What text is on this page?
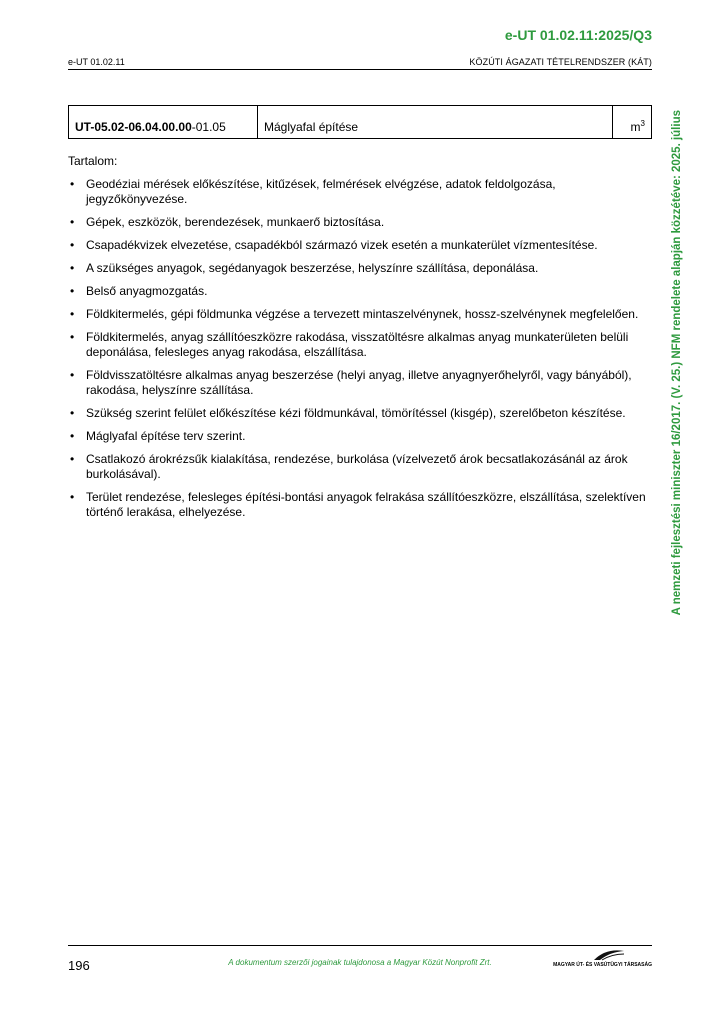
e-UT 01.02.11:2025/Q3
e-UT 01.02.11	KÖZÚTI ÁGAZATI TÉTELRENDSZER (KÁT)
A nemzeti fejlesztési miniszter 16/2017. (V. 25.) NFM rendelete alapján közzétéve: 2025. július
UT-05.02-06.04.00.00-01.05	Máglyafal építése	$m^3$

Tartalom:

• Geodéziai mérések előkészítése, kitűzések, felmérések elvégzése, adatok feldolgozása, jegyzőkönyvezése.
• Gépek, eszközök, berendezések, munkaerő biztosítása.
• Csapadékvizek elvezetése, csapadékból származó vizek esetén a munkaterület vízmentesítése.
• A szükséges anyagok, segédanyagok beszerzése, helyszínre szállítása, deponálása.
• Belső anyagmozgatás.
• Földkitermelés, gépi földmunka végzése a tervezett mintaszelvénynek, hossz-szelvénynek megfelelően.
• Földkitermelés, anyag szállítóeszközre rakodása, visszatöltésre alkalmas anyag munkaterületen belüli deponálása, felesleges anyag rakodása, elszállítása.
• Földvisszatöltésre alkalmas anyag beszerzése (helyi anyag, illetve anyagnyerőhelyről, vagy bányából), rakodása, helyszínre szállítása.
• Szükség szerint felület előkészítése kézi földmunkával, tömörítéssel (kisgép), szerelőbeton készítése.
• Máglyafal építése terv szerint.
• Csatlakozó árokrézsűk kialakítása, rendezése, burkolása (vízelvezető árok becsatlakozásánál az árok burkolásával).
• Terület rendezése, felesleges építési-bontási anyagok felrakása szállítóeszközre, elszállítása, szelektíven történő lerakása, elhelyezése.
196	A dokumentum szerzői jogainak tulajdonosa a Magyar Közút Nonprofit Zrt.	MAGYAR ÚT- ÉS VASÚTÜGYI TÁRSASÁG
